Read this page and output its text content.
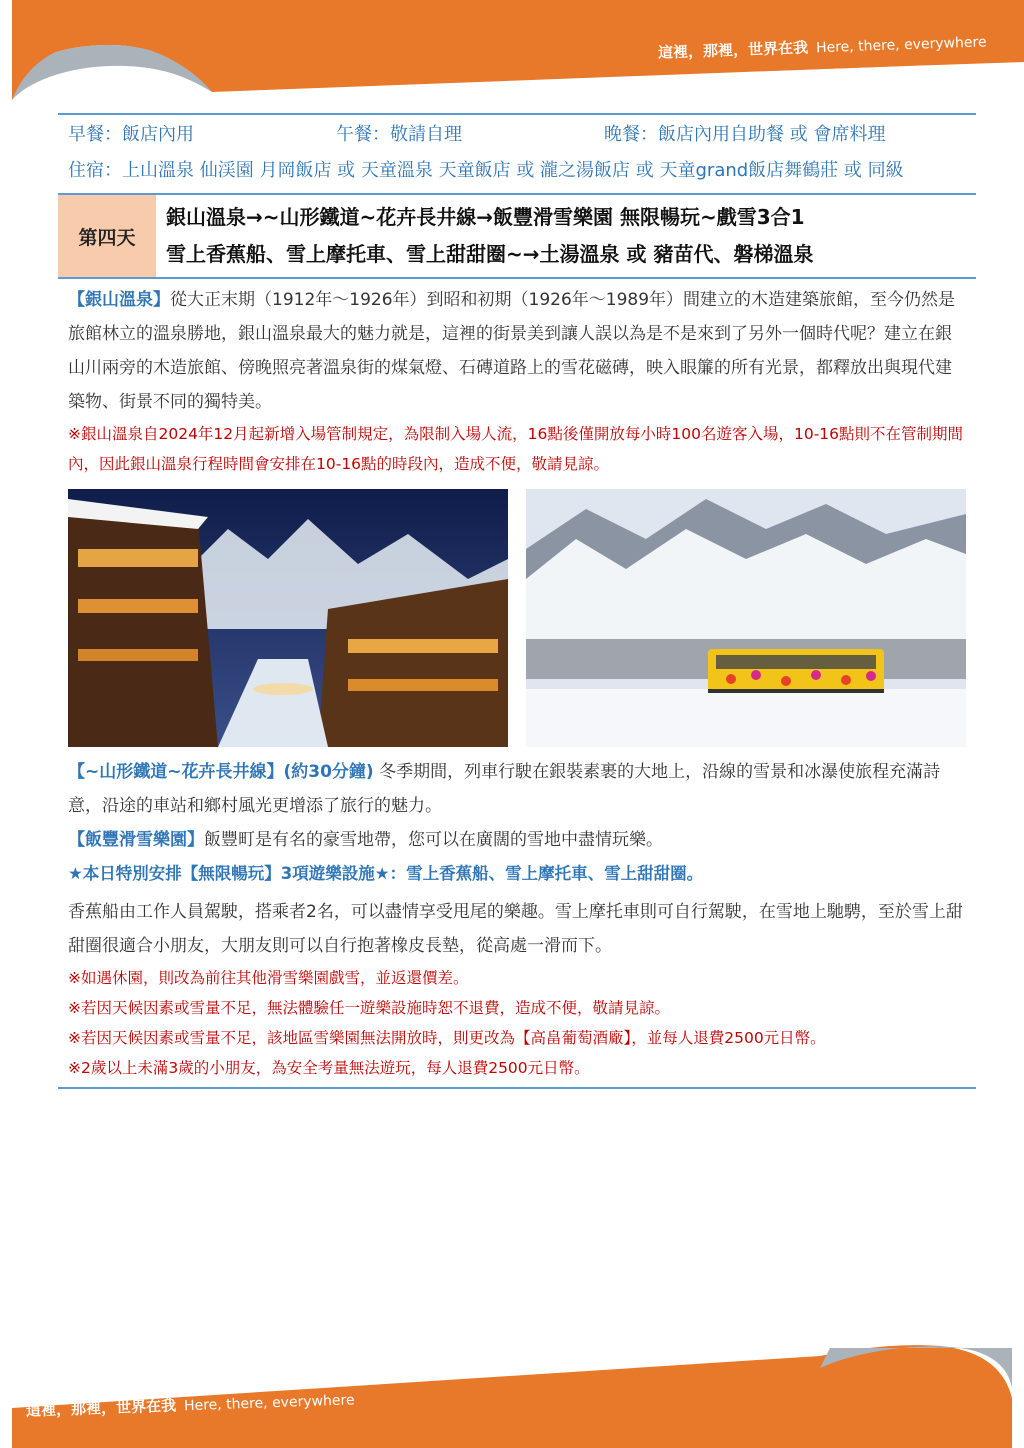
這裡，那裡，世界在我 Here, there, everywhere
早餐：飯店內用	午餐：敬請自理	晚餐：飯店內用自助餐 或 會席料理
住宿：上山溫泉 仙渓園 月岡飯店 或 天童溫泉 天童飯店 或 瀧之湯飯店 或 天童grand飯店舞鶴莊 或 同級
第四天
銀山溫泉→~山形鐵道~花卉長井線→飯豐滑雪樂園 無限暢玩~戲雪3合1
雪上香蕉船、雪上摩托車、雪上甜甜圈~→土湯溫泉 或 豬苗代、磐梯溫泉

【銀山溫泉】從大正末期（1912年～1926年）到昭和初期（1926年～1989年）間建立的木造建築旅館，至今仍然是旅館林立的溫泉勝地，銀山溫泉最大的魅力就是，這裡的街景美到讓人誤以為是不是來到了另外一個時代呢？建立在銀山川兩旁的木造旅館、傍晚照亮著溫泉街的煤氣燈、石磚道路上的雪花磁磚，映入眼簾的所有光景，都釋放出與現代建築物、街景不同的獨特美。

※銀山溫泉自2024年12月起新增入場管制規定，為限制入場人流，16點後僅開放每小時100名遊客入場，10-16點則不在管制期間內，因此銀山溫泉行程時間會安排在10-16點的時段內，造成不便，敬請見諒。

【~山形鐵道~花卉長井線】(約30分鐘) 冬季期間，列車行駛在銀裝素裹的大地上，沿線的雪景和冰瀑使旅程充滿詩意，沿途的車站和鄉村風光更增添了旅行的魅力。

【飯豐滑雪樂園】飯豐町是有名的豪雪地帶，您可以在廣闊的雪地中盡情玩樂。

★本日特別安排【無限暢玩】3項遊樂設施★：雪上香蕉船、雪上摩托車、雪上甜甜圈。

香蕉船由工作人員駕駛，搭乘者2名，可以盡情享受甩尾的樂趣。雪上摩托車則可自行駕駛，在雪地上馳騁，至於雪上甜甜圈很適合小朋友，大朋友則可以自行抱著橡皮長墊，從高處一滑而下。

※如遇休園，則改為前往其他滑雪樂園戲雪，並返還價差。

※若因天候因素或雪量不足，無法體驗任一遊樂設施時恕不退費，造成不便，敬請見諒。

※若因天候因素或雪量不足，該地區雪樂園無法開放時，則更改為【高畠葡萄酒廠】，並每人退費2500元日幣。

※2歲以上未滿3歲的小朋友，為安全考量無法遊玩，每人退費2500元日幣。

這裡，那裡，世界在我 Here, there, everywhere
